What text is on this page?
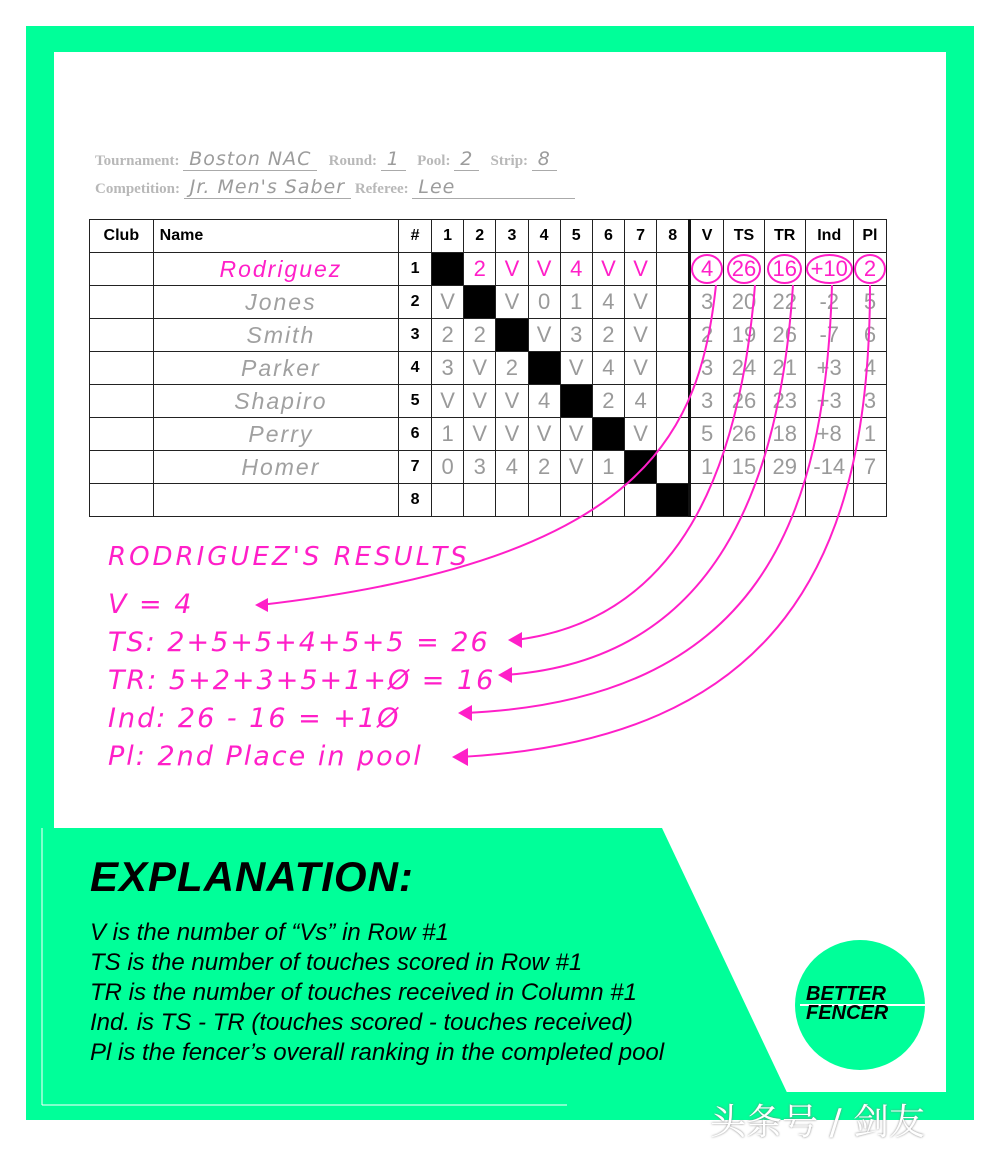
Tournament: Boston NAC Round: 1 Pool: 2 Strip: 8
Competition: Jr. Men's Saber Referee: Lee
Club	Name	#	1	2	3	4	5	6	7	8	V	TS	TR	Ind	Pl
	Rodriguez	1		2	V	V	4	V	V		4	26	16	+10	2
	Jones	2	V		V	0	1	4	V		3	20	22	-2	5
	Smith	3	2	2		V	3	2	V		2	19	26	-7	6
	Parker	4	3	V	2		V	4	V		3	24	21	+3	4
	Shapiro	5	V	V	V	4		2	4		3	26	23	+3	3
	Perry	6	1	V	V	V	V		V		5	26	18	+8	1
	Homer	7	0	3	4	2	V	1			1	15	29	-14	7
		8													
RODRIGUEZ'S RESULTS
V = 4
TS: 2+5+5+4+5+5 = 26
TR: 5+2+3+5+1+Ø = 16
Ind: 26 - 16 = +1Ø
Pl: 2nd Place in pool
EXPLANATION:
V is the number of “Vs” in Row #1
TS is the number of touches scored in Row #1
TR is the number of touches received in Column #1
Ind. is TS - TR (touches scored - touches received)
Pl is the fencer’s overall ranking in the completed pool
BETTER
FENCER
头条号 / 剑友
